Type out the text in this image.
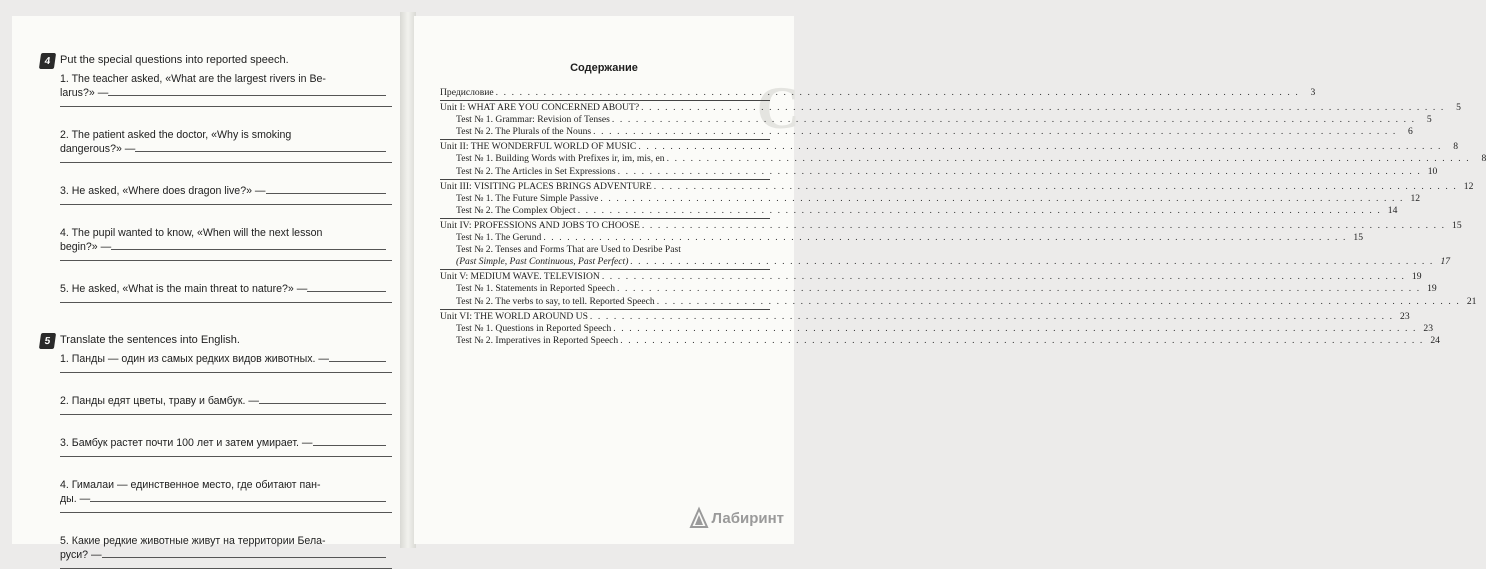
4 Put the special questions into reported speech.
1. The teacher asked, «What are the largest rivers in Be-
larus?» —
2. The patient asked the doctor, «Why is smoking
dangerous?» —
3. He asked, «Where does dragon live?» —
4. The pupil wanted to know, «When will the next lesson
begin?» —
5. He asked, «What is the main threat to nature?» —
5 Translate the sentences into English.
1. Панды — один из самых редких видов животных. —
2. Панды едят цветы, траву и бамбук. —
3. Бамбук растет почти 100 лет и затем умирает. —
4. Гималаи — единственное место, где обитают пан-
ды. —
5. Какие редкие животные живут на территории Белa-
руси? —
С
Содержание
Предисловие . . .	3
Unit I: WHAT ARE YOU CONCERNED ABOUT? . . .	5
Test № 1. Grammar: Revision of Tenses . . .	5
Test № 2. The Plurals of the Nouns . . .	6
Unit II: THE WONDERFUL WORLD OF MUSIC . . .	8
Test № 1. Building Words with Prefixes ir, im, mis, en . . .	8
Test № 2. The Articles in Set Expressions . . .	10
Unit III: VISITING PLACES BRINGS ADVENTURE . . .	12
Test № 1. The Future Simple Passive . . .	12
Test № 2. The Complex Object . . .	14
Unit IV: PROFESSIONS AND JOBS TO CHOOSE . . .	15
Test № 1. The Gerund . . .	15
Test № 2. Tenses and Forms That are Used to Desribe Past
(Past Simple, Past Continuous, Past Perfect) . . .	17
Unit V: MEDIUM WAVE. TELEVISION . . .	19
Test № 1. Statements in Reported Speech . . .	19
Test № 2. The verbs to say, to tell. Reported Speech . . .	21
Unit VI: THE WORLD AROUND US . . .	23
Test № 1. Questions in Reported Speech . . .	23
Test № 2. Imperatives in Reported Speech . . .	24
Лабиринт
